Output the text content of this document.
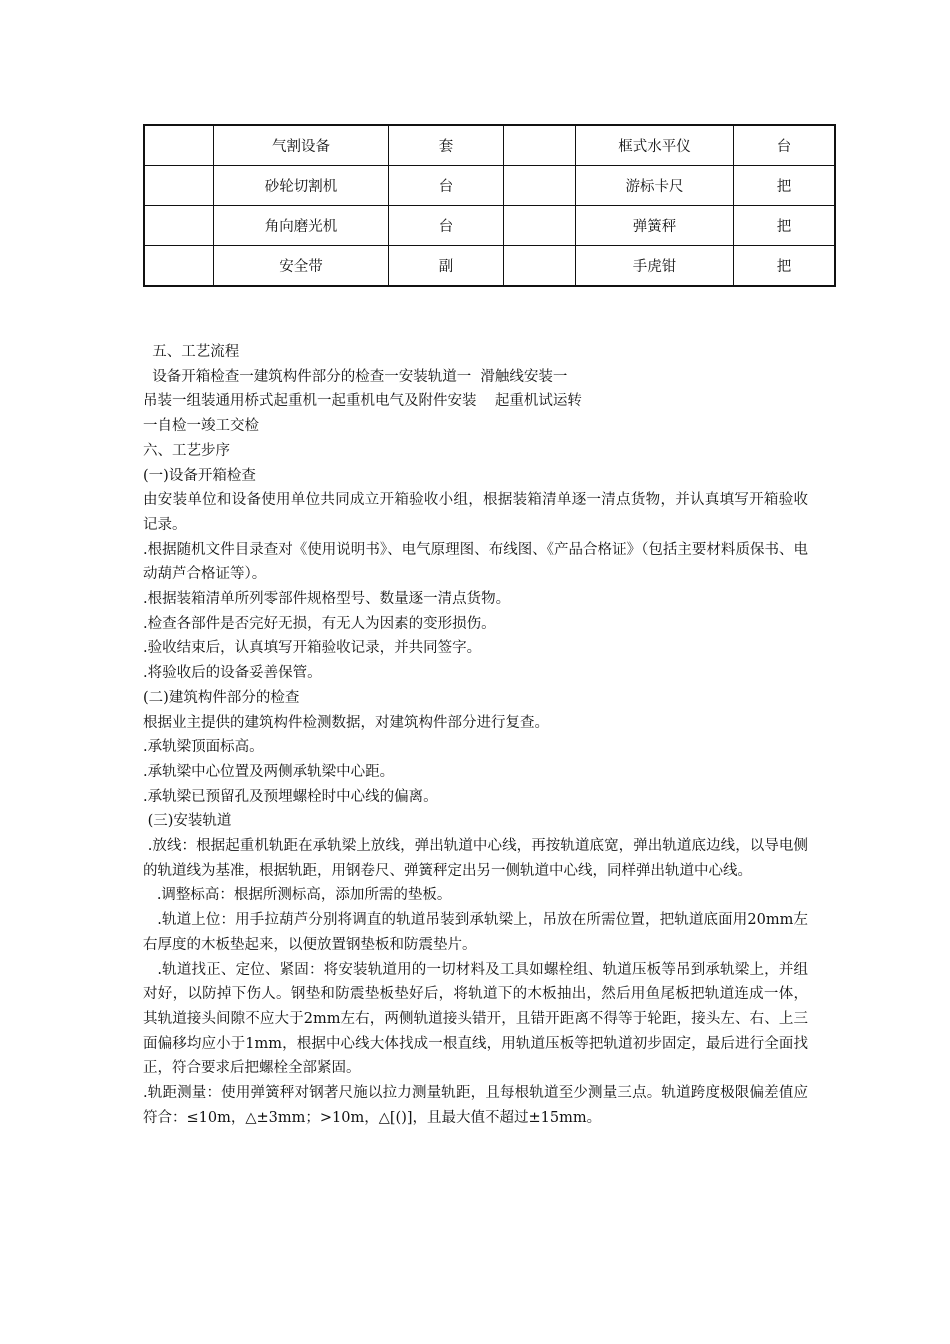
	气割设备	套		框式水平仪	台
	砂轮切割机	台		游标卡尺	把
	角向磨光机	台		弹簧秤	把
	安全带	副		手虎钳	把

五、工艺流程

设备开箱检查一建筑构件部分的检查一安装轨道一  滑触线安装一

吊装一组装通用桥式起重机一起重机电气及附件安装    起重机试运转

一自检一竣工交检

六、工艺步序

(一)设备开箱检查

由安装单位和设备使用单位共同成立开箱验收小组，根据装箱清单逐一清点货物，并认真填写开箱验收记录。

.根据随机文件目录查对《使用说明书》、电气原理图、布线图、《产品合格证》（包括主要材料质保书、电动葫芦合格证等）。

.根据装箱清单所列零部件规格型号、数量逐一清点货物。

.检查各部件是否完好无损，有无人为因素的变形损伤。

.验收结束后，认真填写开箱验收记录，并共同签字。

.将验收后的设备妥善保管。

(二)建筑构件部分的检查

根据业主提供的建筑构件检测数据，对建筑构件部分进行复查。

.承轨梁顶面标高。

.承轨梁中心位置及两侧承轨梁中心距。

.承轨梁已预留孔及预埋螺栓时中心线的偏离。

(三)安装轨道

.放线：根据起重机轨距在承轨梁上放线，弹出轨道中心线，再按轨道底宽，弹出轨道底边线，以导电侧的轨道线为基准，根据轨距，用钢卷尺、弹簧秤定出另一侧轨道中心线，同样弹出轨道中心线。

.调整标高：根据所测标高，添加所需的垫板。

.轨道上位：用手拉葫芦分别将调直的轨道吊装到承轨梁上，吊放在所需位置，把轨道底面用20mm左右厚度的木板垫起来，以便放置钢垫板和防震垫片。

.轨道找正、定位、紧固：将安装轨道用的一切材料及工具如螺栓组、轨道压板等吊到承轨梁上，并组对好，以防掉下伤人。钢垫和防震垫板垫好后，将轨道下的木板抽出，然后用鱼尾板把轨道连成一体，其轨道接头间隙不应大于2mm左右，两侧轨道接头错开，且错开距离不得等于轮距，接头左、右、上三面偏移均应小于1mm，根据中心线大体找成一根直线，用轨道压板等把轨道初步固定，最后进行全面找正，符合要求后把螺栓全部紧固。

.轨距测量：使用弹簧秤对钢著尺施以拉力测量轨距，且每根轨道至少测量三点。轨道跨度极限偏差值应符合：≤10m，△±3mm；>10m，△[()]，且最大值不超过±15mm。
